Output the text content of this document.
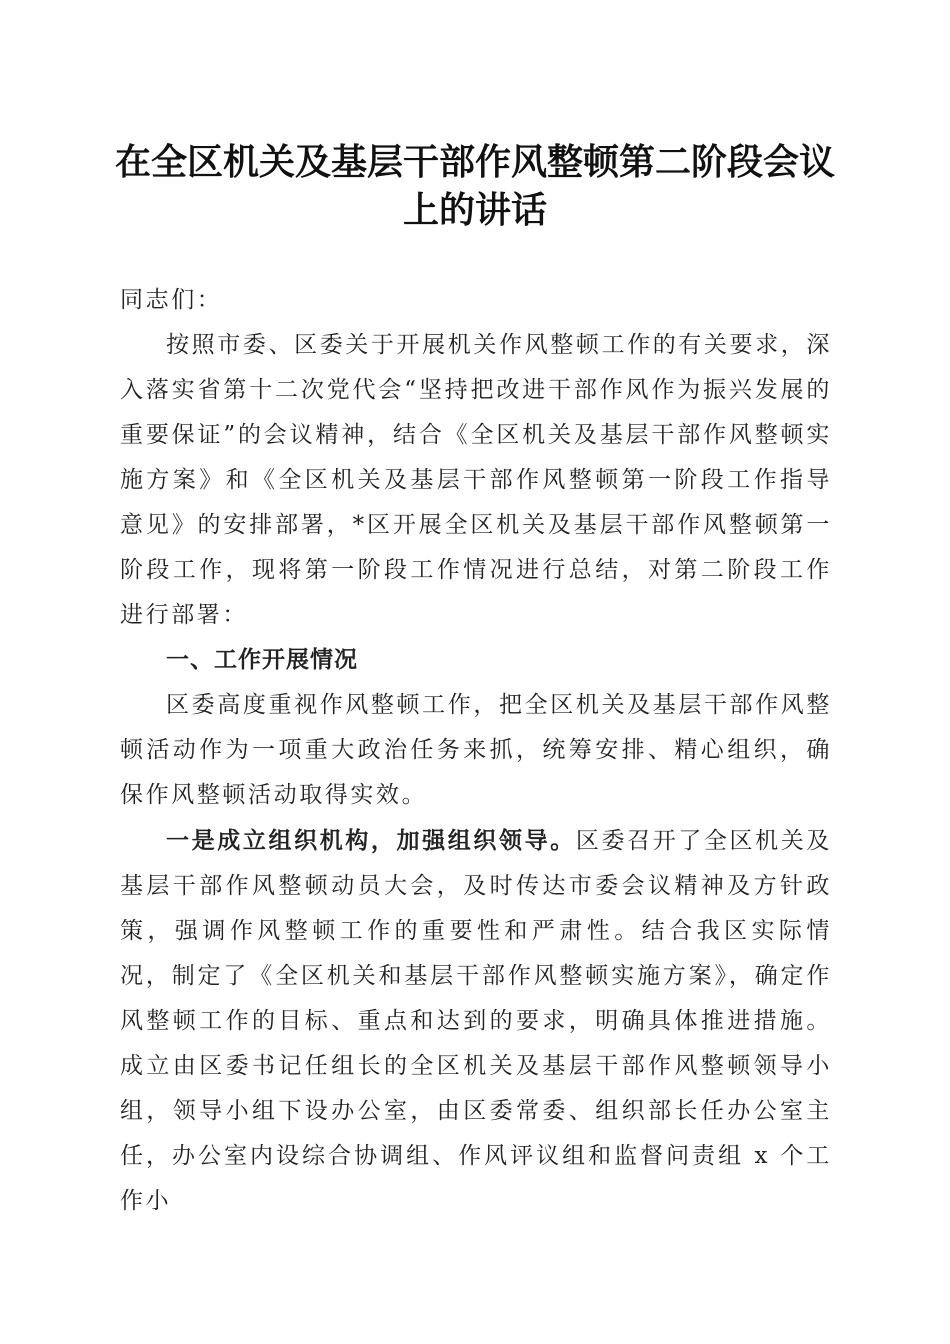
在全区机关及基层干部作风整顿第二阶段会议
上的讲话

同志们：

按照市委、区委关于开展机关作风整顿工作的有关要求，深入落实省第十二次党代会“坚持把改进干部作风作为振兴发展的重要保证”的会议精神，结合《全区机关及基层干部作风整顿实施方案》和《全区机关及基层干部作风整顿第一阶段工作指导意见》的安排部署，*区开展全区机关及基层干部作风整顿第一阶段工作，现将第一阶段工作情况进行总结，对第二阶段工作进行部署：

一、工作开展情况

区委高度重视作风整顿工作，把全区机关及基层干部作风整顿活动作为一项重大政治任务来抓，统筹安排、精心组织，确保作风整顿活动取得实效。

一是成立组织机构，加强组织领导。区委召开了全区机关及基层干部作风整顿动员大会，及时传达市委会议精神及方针政策，强调作风整顿工作的重要性和严肃性。结合我区实际情况，制定了《全区机关和基层干部作风整顿实施方案》，确定作风整顿工作的目标、重点和达到的要求，明确具体推进措施。成立由区委书记任组长的全区机关及基层干部作风整顿领导小组，领导小组下设办公室，由区委常委、组织部长任办公室主任，办公室内设综合协调组、作风评议组和监督问责组 x 个工作小
